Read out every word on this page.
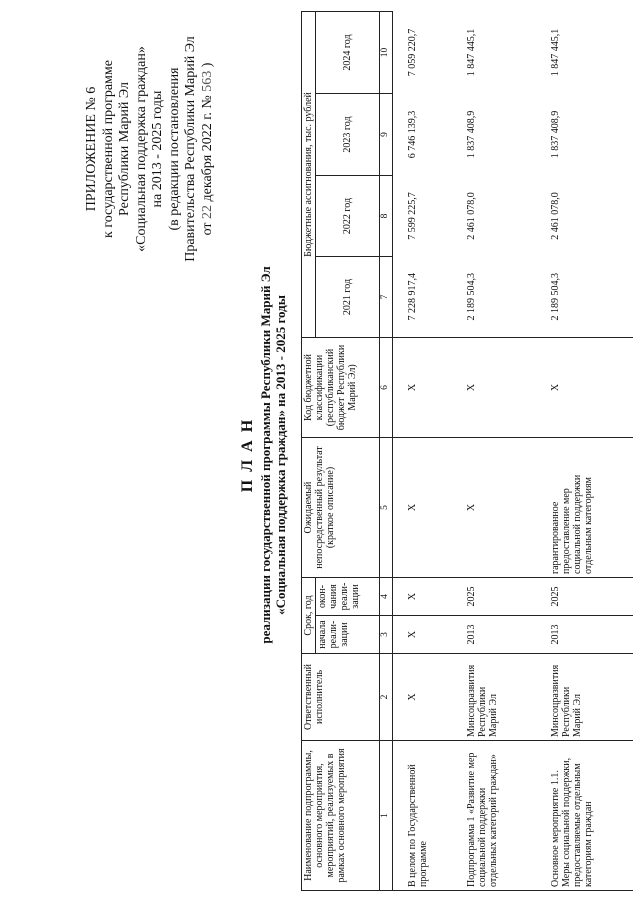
ПРИЛОЖЕНИЕ № 6 к государственной программе Республики Марий Эл «Социальная поддержка граждан» на 2013 - 2025 годы (в редакции постановления Правительства Республики Марий Эл от 22 декабря 2022 г. № 563 )
П Л А Н реализации государственной программы Республики Марий Эл «Социальная поддержка граждан» на 2013 - 2025 годы
Наименование подпрограммы, основного мероприятия, мероприятий, реализуемых в рамках основного мероприятия	Ответственный исполнитель	Срок, год		Ожидаемый непосредственный результат (краткое описание)	Код бюджетной классификации (республиканский бюджет Республики Марий Эл)	Бюджетные ассигнования, тыс. рублей			
		начала реали-зации	окон-чания реали-зации			2021 год	2022 год	2023 год	2024 год
1	2	3	4	5	6	7	8	9	10
В целом по Государственной программе	X	X	X	X	X	7 228 917,4	7 599 225,7	6 746 139,3	7 059 220,7
Подпрограмма 1 «Развитие мер социальной поддержки отдельных категорий граждан»	Минсоцразвития Республики Марий Эл	2013	2025	X	X	2 189 504,3	2 461 078,0	1 837 408,9	1 847 445,1
Основное мероприятие 1.1. Меры социальной поддержки, предоставляемые отдельным категориям граждан	Минсоцразвития Республики Марий Эл	2013	2025	гарантированное предоставление мер социальной поддержки отдельным категориям	X	2 189 504,3	2 461 078,0	1 837 408,9	1 847 445,1
